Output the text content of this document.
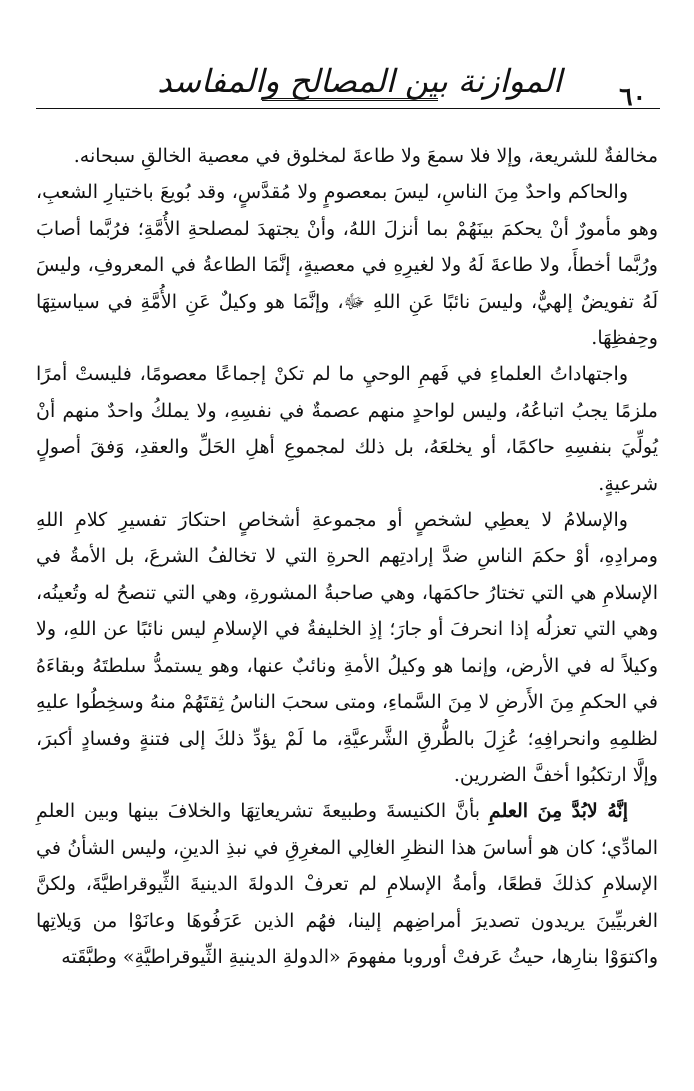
٦٠
الموازنة بين المصالح والمفاسد

مخالفةٌ للشريعة، وإلا فلا سمعَ ولا طاعةَ لمخلوق في معصية الخالقِ سبحانه.

والحاكم واحدٌ مِنَ الناسِ، ليسَ بمعصومٍ ولا مُقدَّسٍ، وقد بُويعَ باختيارِ الشعبِ، وهو مأمورٌ أنْ يحكمَ بينَهُمْ بما أنزلَ اللهُ، وأنْ يجتهدَ لمصلحةِ الأُمَّةِ؛ فرُبَّما أصابَ ورُبَّما أخطأَ، ولا طاعةَ لَهُ ولا لغيرِهِ في معصيةٍ، إنَّمَا الطاعةُ في المعروفِ، وليسَ لَهُ تفويضٌ إلهيٌّ، وليسَ نائبًا عَنِ اللهِ ﷻ، وإنَّمَا هو وكيلٌ عَنِ الأُمَّةِ في سياستِهَا وحِفظِهَا.

واجتهاداتُ العلماءِ في فَهمِ الوحيِ ما لم تكنْ إجماعًا معصومًا، فليستْ أمرًا ملزمًا يجبُ اتباعُهُ، وليس لواحدٍ منهم عصمةٌ في نفسِهِ، ولا يملكُ واحدٌ منهم أنْ يُولِّيَ بنفسِهِ حاكمًا، أو يخلعَهُ، بل ذلك لمجموعِ أهلِ الحَلِّ والعقدِ، وَفقَ أصولٍ شرعيةٍ.

والإسلامُ لا يعطِي لشخصٍ أو مجموعةِ أشخاصٍ احتكارَ تفسيرِ كلامِ اللهِ ومرادِهِ، أوْ حكمَ الناسِ ضدَّ إرادتِهم الحرةِ التي لا تخالفُ الشرعَ، بل الأمةُ في الإسلامِ هي التي تختارُ حاكمَها، وهي صاحبةُ المشورةِ، وهي التي تنصحُ له وتُعينُه، وهي التي تعزلُه إذا انحرفَ أو جارَ؛ إذِ الخليفةُ في الإسلامِ ليس نائبًا عن اللهِ، ولا وكيلاً له في الأرض، وإنما هو وكيلُ الأمةِ ونائبٌ عنها، وهو يستمدُّ سلطتَهُ وبقاءَهُ في الحكمِ مِنَ الأَرضِ لا مِنَ السَّماءِ، ومتى سحبَ الناسُ ثِقتَهُمْ منهُ وسخِطُوا عليهِ لظلمِهِ وانحرافِهِ؛ عُزِلَ بالطُّرقِ الشَّرعيَّةِ، ما لَمْ يؤدِّ ذلكَ إلى فتنةٍ وفسادٍ أكبرَ، وإلَّا ارتكبُوا أخفَّ الضررين.

إنَّهُ لابُدَّ مِنَ العلمِ بأنَّ الكنيسةَ وطبيعةَ تشريعاتِهَا والخلافَ بينها وبين العلمِ المادِّي؛ كان هو أساسَ هذا النظرِ الغالِي المغرِقِ في نبذِ الدينِ، وليس الشأنُ في الإسلامِ كذلكَ قطعًا، وأمةُ الإسلامِ لم تعرفْ الدولةَ الدينيةَ الثِّيوقراطيَّةَ، ولكنَّ الغربيِّينَ يريدون تصديرَ أمراضِهم إلينا، فهُم الذين عَرَفُوهَا وعانَوْا من وَيلاتِها واكتوَوْا بنارِها، حيثُ عَرفتْ أوروبا مفهومَ «الدولةِ الدينيةِ الثِّيوقراطيَّةِ» وطبَّقَته
